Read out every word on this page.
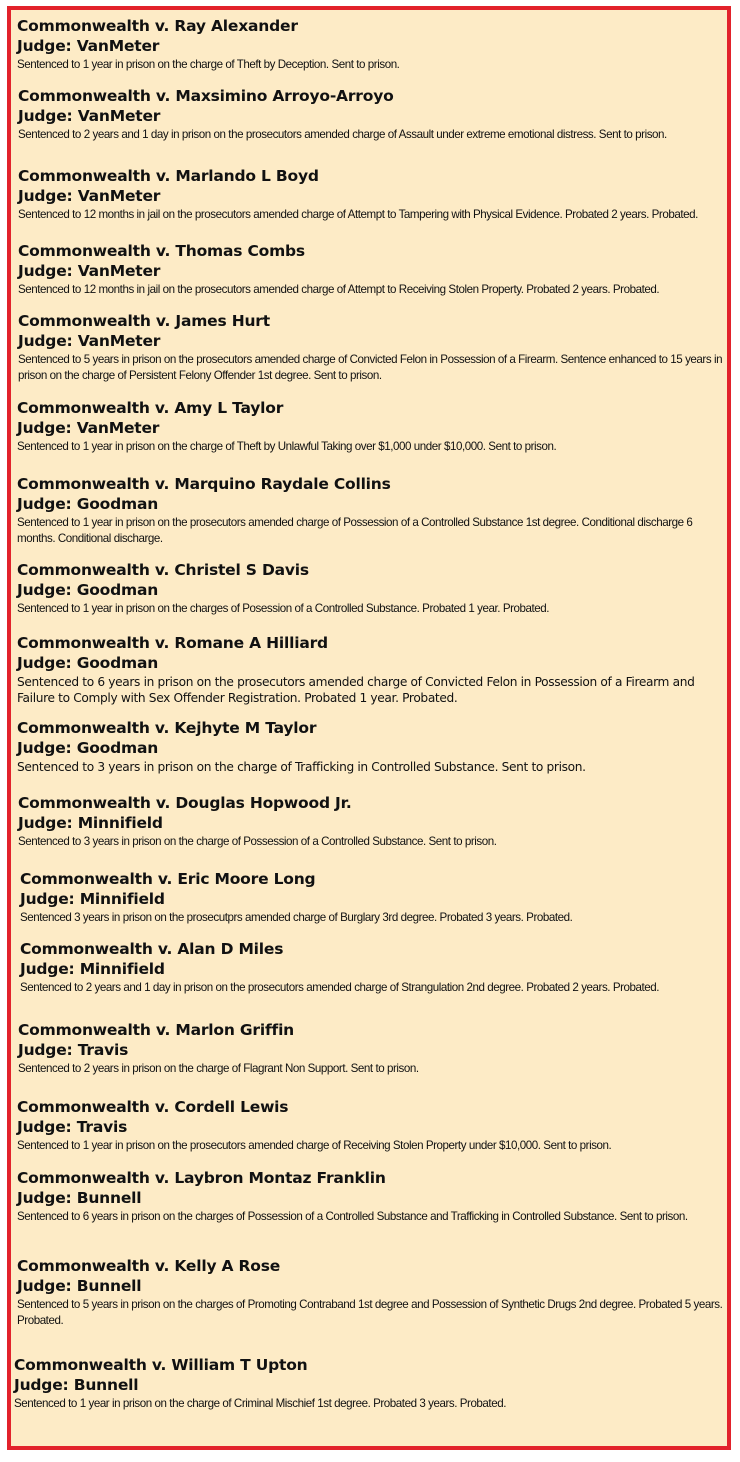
Commonwealth v. Ray Alexander
Judge: VanMeter
Sentenced to 1 year in prison on the charge of Theft by Deception. Sent to prison.
Commonwealth v. Maxsimino Arroyo-Arroyo
Judge: VanMeter
Sentenced to 2 years and 1 day in prison on the prosecutors amended charge of Assault under extreme emotional distress. Sent to prison.
Commonwealth v. Marlando L Boyd
Judge: VanMeter
Sentenced to 12 months in jail on the prosecutors amended charge of Attempt to Tampering with Physical Evidence. Probated 2 years. Probated.
Commonwealth v. Thomas Combs
Judge: VanMeter
Sentenced to 12 months in jail on the prosecutors amended charge of Attempt to Receiving Stolen Property. Probated 2 years. Probated.
Commonwealth v. James Hurt
Judge: VanMeter
Sentenced to 5 years in prison on the prosecutors amended charge of Convicted Felon in Possession of a Firearm. Sentence enhanced to 15 years in prison on the charge of Persistent Felony Offender 1st degree. Sent to prison.
Commonwealth v. Amy L Taylor
Judge: VanMeter
Sentenced to 1 year in prison on the charge of Theft by Unlawful Taking over $1,000 under $10,000. Sent to prison.
Commonwealth v. Marquino Raydale Collins
Judge: Goodman
Sentenced to 1 year in prison on the prosecutors amended charge of Possession of a Controlled Substance 1st degree. Conditional discharge 6 months. Conditional discharge.
Commonwealth v. Christel S Davis
Judge: Goodman
Sentenced to 1 year in prison on the charges of Posession of a Controlled Substance. Probated 1 year. Probated.
Commonwealth v. Romane A Hilliard
Judge: Goodman
Sentenced to 6 years in prison on the prosecutors amended charge of Convicted Felon in Possession of a Firearm and Failure to Comply with Sex Offender Registration. Probated 1 year. Probated.
Commonwealth v. Kejhyte M Taylor
Judge: Goodman
Sentenced to 3 years in prison on the charge of Trafficking in Controlled Substance. Sent to prison.
Commonwealth v. Douglas Hopwood Jr.
Judge: Minnifield
Sentenced to 3 years in prison on the charge of Possession of a Controlled Substance. Sent to prison.
Commonwealth v. Eric Moore Long
Judge: Minnifield
Sentenced 3 years in prison on the prosecutprs amended charge of Burglary 3rd degree. Probated 3 years. Probated.
Commonwealth v. Alan D Miles
Judge: Minnifield
Sentenced to 2 years and 1 day in prison on the prosecutors amended charge of Strangulation 2nd degree. Probated 2 years. Probated.
Commonwealth v. Marlon Griffin
Judge: Travis
Sentenced to 2 years in prison on the charge of Flagrant Non Support. Sent to prison.
Commonwealth v. Cordell Lewis
Judge: Travis
Sentenced to 1 year in prison on the prosecutors amended charge of Receiving Stolen Property under $10,000. Sent to prison.
Commonwealth v. Laybron Montaz Franklin
Judge: Bunnell
Sentenced to 6 years in prison on the charges of Possession of a Controlled Substance and Trafficking in Controlled Substance. Sent to prison.
Commonwealth v. Kelly A Rose
Judge: Bunnell
Sentenced to 5 years in prison on the charges of Promoting Contraband 1st degree and Possession of Synthetic Drugs 2nd degree. Probated 5 years. Probated.
Commonwealth v. William T Upton
Judge: Bunnell
Sentenced to 1 year in prison on the charge of Criminal Mischief 1st degree. Probated 3 years. Probated.
